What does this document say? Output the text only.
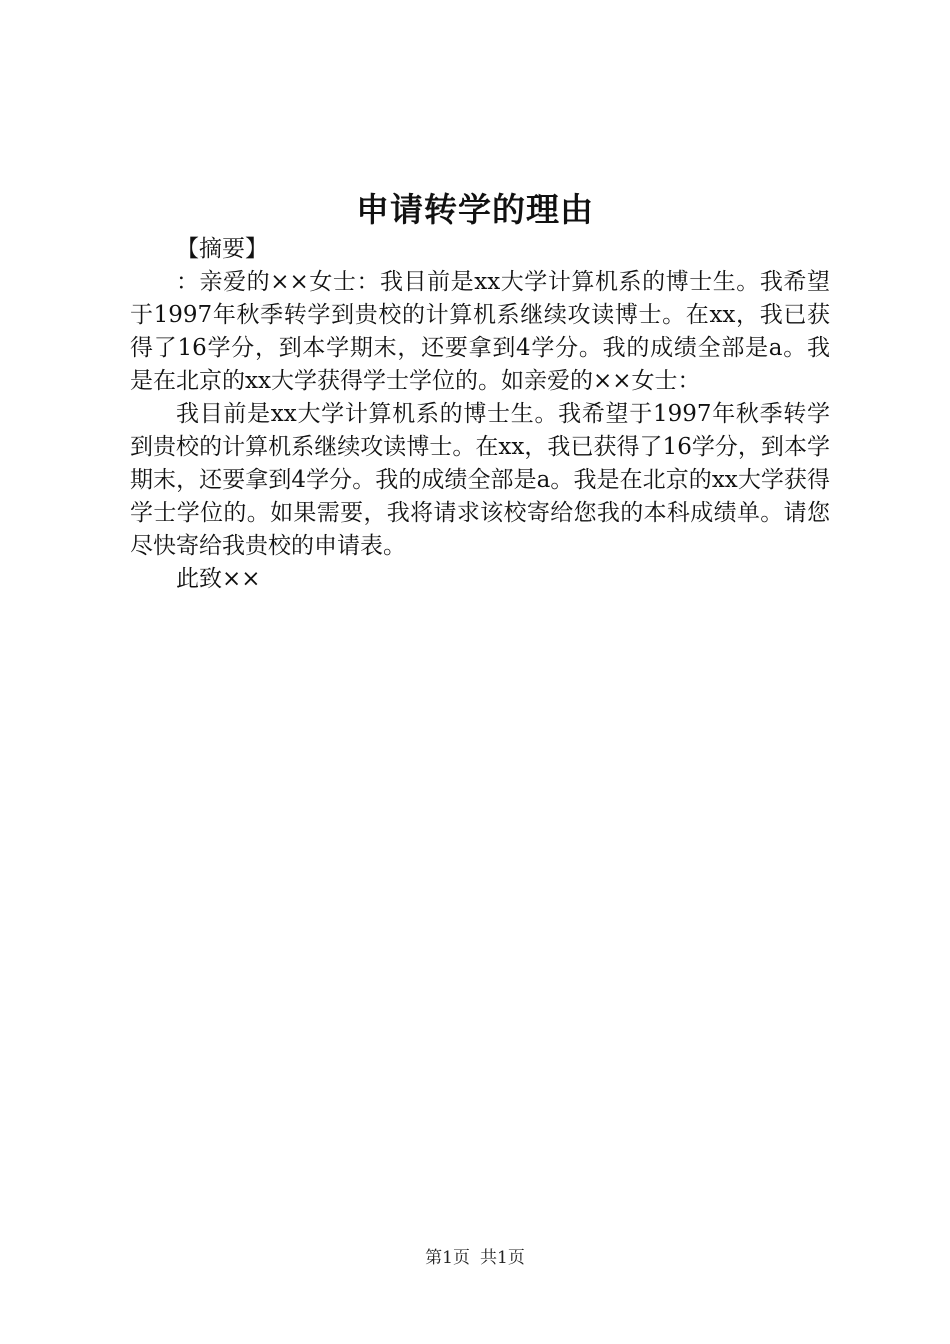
申请转学的理由

【摘要】

：亲爱的××女士：我目前是xx大学计算机系的博士生。我希望于1997年秋季转学到贵校的计算机系继续攻读博士。在xx，我已获得了16学分，到本学期末，还要拿到4学分。我的成绩全部是a。我是在北京的xx大学获得学士学位的。如亲爱的××女士：

我目前是xx大学计算机系的博士生。我希望于1997年秋季转学到贵校的计算机系继续攻读博士。在xx，我已获得了16学分，到本学期末，还要拿到4学分。我的成绩全部是a。我是在北京的xx大学获得学士学位的。如果需要，我将请求该校寄给您我的本科成绩单。请您尽快寄给我贵校的申请表。

此致××

第1页 共1页
